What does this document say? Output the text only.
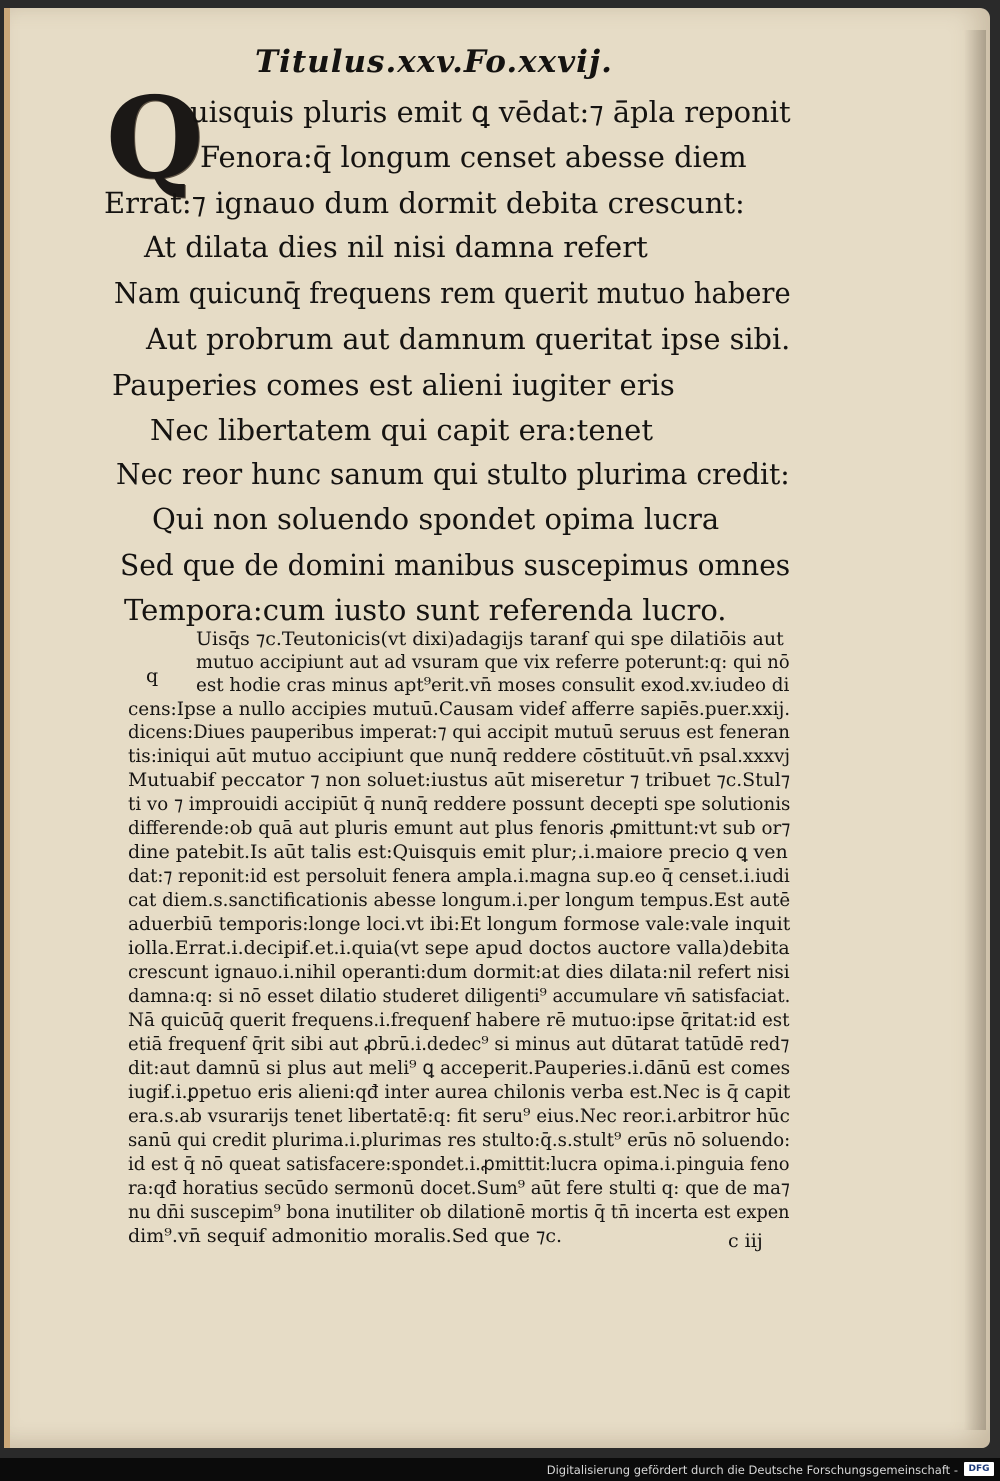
Titulus.xxv.Fo.xxvij.
Q
uisquis pluris emit ꝗ vēdat:⁊ ā̄pla reponit
Fenora:q̄ longum censet abesse diem
Errat:⁊ ignauo dum dormit debita crescunt:
At dilata dies nil nisi damna refert
Nam quicunq̄ frequens rem querit mutuo habere
Aut probrum aut damnum queritat ipse sibi.
Pauperies comes est alieni iugiter eris
Nec libertatem qui capit era:tenet
Nec reor hunc sanum qui stulto plurima credit:
Qui non soluendo spondet opima lucra
Sed que de domini manibus suscepimus omnes
Tempora:cum iusto sunt referenda lucro.
q
Uisq̄s ⁊c.Teutonicis(vt dixi)adagijs taranẜ qui spe dilatiōis aut
mutuo accipiunt aut ad vsuram que vix referre poterunt:q: qui nō
est hodie cras minus apt⁹erit.vn̄ moses consulit exod.xv.iudeo di
cens:Ipse a nullo accipies mutuū.Causam videẜ afferre sapiēs.puer.xxij.
dicens:Diues pauperibus imperat:⁊ qui accipit mutuū seruus est feneran
tis:iniqui aūt mutuo accipiunt que nunq̄ reddere cōstituūt.vn̄ psal.xxxvj
Mutuabiẜ peccator ⁊ non soluet:iustus aūt miseretur ⁊ tribuet ⁊c.Stul⁊
ti vo ⁊ improuidi accipiūt q̄ nunq̄ reddere possunt decepti spe solutionis
differende:ob quā aut pluris emunt aut plus fenoris ꝓmittunt:vt sub or⁊
dine patebit.Is aūt talis est:Quisquis emit plur;.i.maiore precio ꝗ ven
dat:⁊ reponit:id est persoluit fenera ampla.i.magna sup.eo q̄ censet.i.iudi
cat diem.s.sanctificationis abesse longum.i.per longum tempus.Est autē
aduerbiū temporis:longe loci.vt ibi:Et longum formose vale:vale inquit
iolla.Errat.i.decipiẜ.et.i.quia(vt sepe apud doctos auctore valla)debita
crescunt ignauo.i.nihil operanti:dum dormit:at dies dilata:nil refert nisi
damna:q: si nō esset dilatio studeret diligenti⁹ accumulare vn̄ satisfaciat.
Nā quicūq̄ querit frequens.i.frequenẜ habere rē mutuo:ipse q̄ritat:id est
etiā frequenẜ q̄rit sibi aut ꝓbrū.i.dedec⁹ si minus aut dūtarat tatūdē red⁊
dit:aut damnū si plus aut meli⁹ ꝗ acceperit.Pauperies.i.dānū est comes
iugiẜ.i.ꝑpetuo eris alieni:qđ inter aurea chilonis verba est.Nec is q̄ capit
era.s.ab vsurarijs tenet libertatē:q: fit seru⁹ eius.Nec reor.i.arbitror hūc
sanū qui credit plurima.i.plurimas res stulto:q̄.s.stult⁹ erūs nō soluendo:
id est q̄ nō queat satisfacere:spondet.i.ꝓmittit:lucra opima.i.pinguia feno
ra:qđ horatius secūdo sermonū docet.Sum⁹ aūt fere stulti q: que de ma⁊
nu dn̄i suscepim⁹ bona inutiliter ob dilationē mortis q̄ tn̄ incerta est expen
dim⁹.vn̄ sequiẜ admonitio moralis.Sed que ⁊c.	c iij
Digitalisierung gefördert durch die Deutsche Forschungsgemeinschaft -	DFG
